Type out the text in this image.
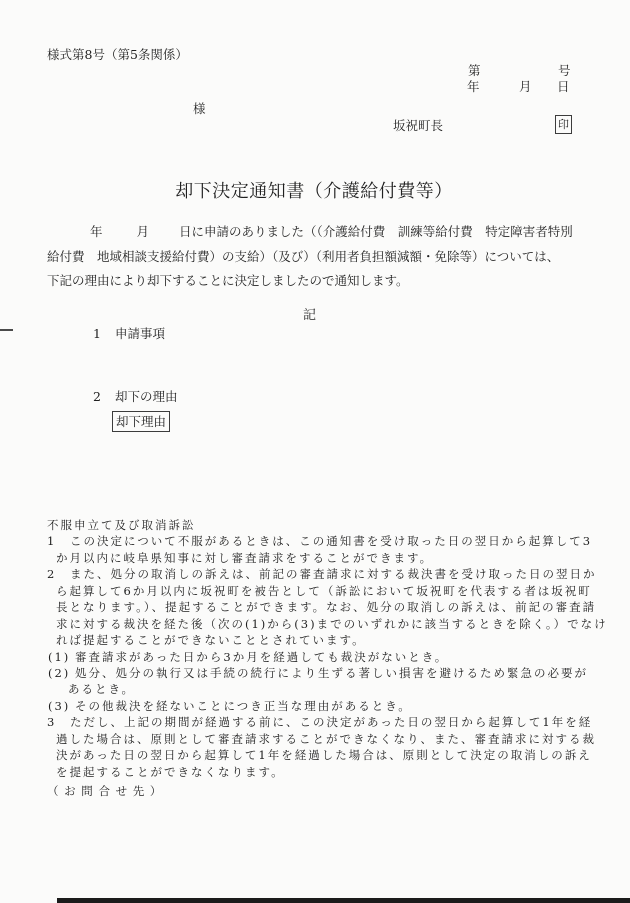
様式第8号（第5条関係）
第	号
年	月 日
様
坂祝町長	印
却下決定通知書（介護給付費等）
年	月 日に申請のありました（（介護給付費　訓練等給付費　特定障害者特別
給付費　地域相談支援給付費）の支給）（及び）（利用者負担額減額・免除等）については、
下記の理由により却下することに決定しましたので通知します。
記
1 申請事項
2 却下の理由
却下理由
不服申立て及び取消訴訟
1 この決定について不服があるときは、この通知書を受け取った日の翌日から起算して3
か月以内に岐阜県知事に対し審査請求をすることができます。
2 また、処分の取消しの訴えは、前記の審査請求に対する裁決書を受け取った日の翌日か
ら起算して6か月以内に坂祝町を被告として（訴訟において坂祝町を代表する者は坂祝町
長となります。）、提起することができます。なお、処分の取消しの訴えは、前記の審査請
求に対する裁決を経た後（次の(1)から(3)までのいずれかに該当するときを除く。）でなけ
れば提起することができないこととされています。
(1) 審査請求があった日から3か月を経過しても裁決がないとき。
(2) 処分、処分の執行又は手続の続行により生ずる著しい損害を避けるため緊急の必要が
あるとき。
(3) その他裁決を経ないことにつき正当な理由があるとき。
3 ただし、上記の期間が経過する前に、この決定があった日の翌日から起算して1年を経
過した場合は、原則として審査請求することができなくなり、また、審査請求に対する裁
決があった日の翌日から起算して1年を経過した場合は、原則として決定の取消しの訴え
を提起することができなくなります。
（ お 問 合 せ 先 ）
